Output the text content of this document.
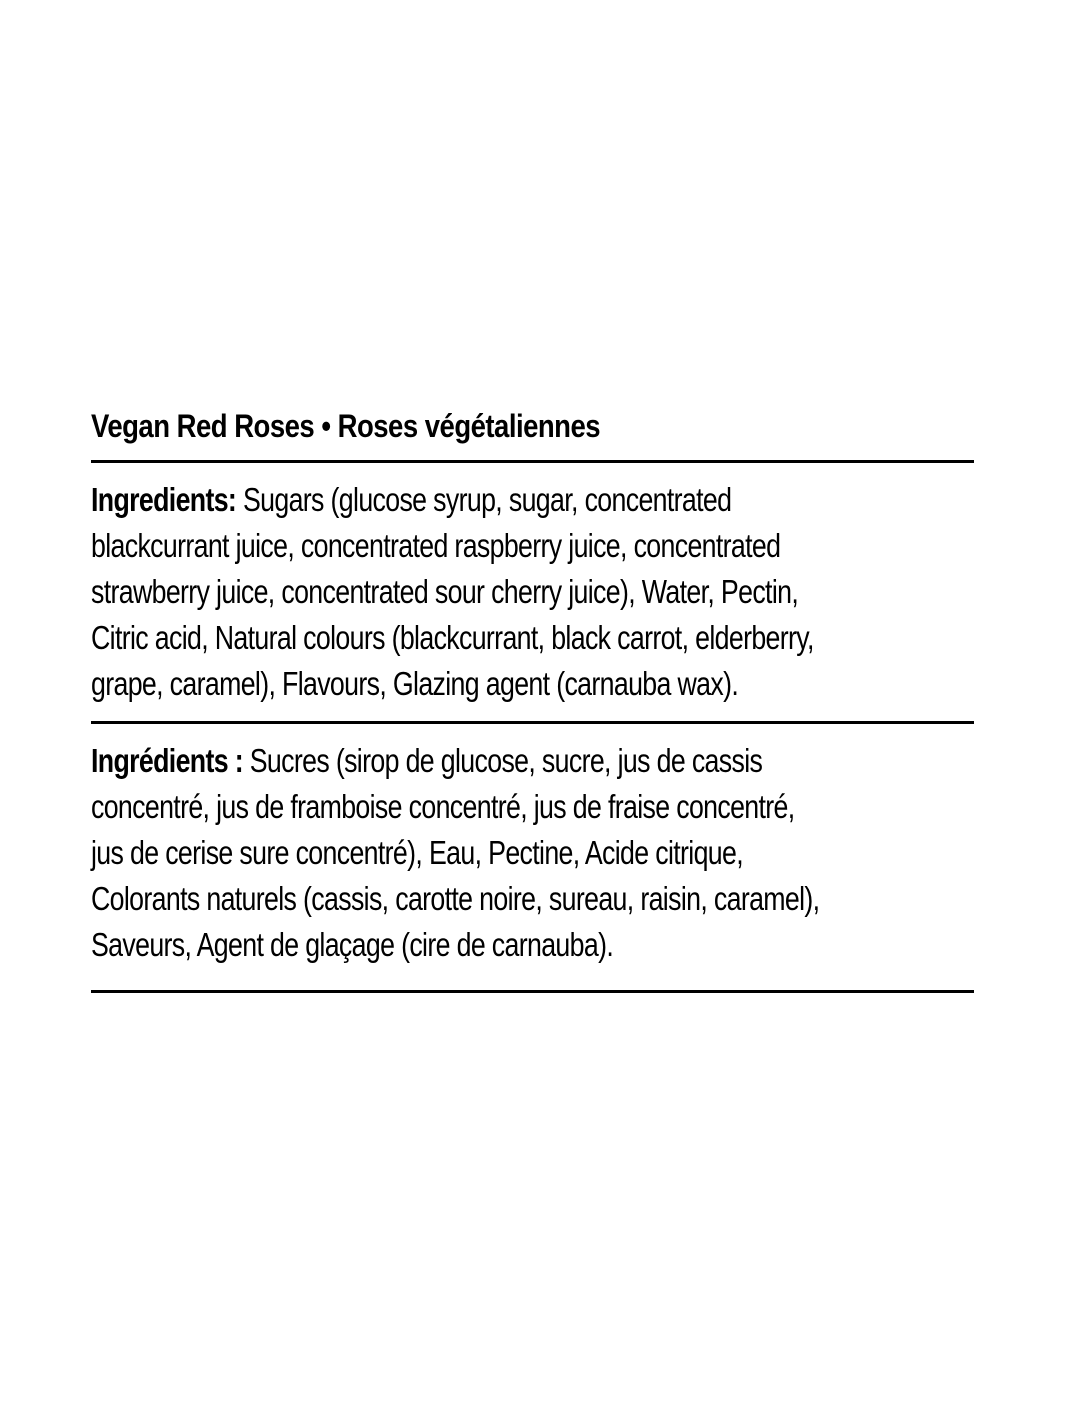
Vegan Red Roses • Roses végétaliennes
Ingredients: Sugars (glucose syrup, sugar, concentrated
blackcurrant juice, concentrated raspberry juice, concentrated
strawberry juice, concentrated sour cherry juice), Water, Pectin,
Citric acid, Natural colours (blackcurrant, black carrot, elderberry,
grape, caramel), Flavours, Glazing agent (carnauba wax).
Ingrédients : Sucres (sirop de glucose, sucre, jus de cassis
concentré, jus de framboise concentré, jus de fraise concentré,
jus de cerise sure concentré), Eau, Pectine, Acide citrique,
Colorants naturels (cassis, carotte noire, sureau, raisin, caramel),
Saveurs, Agent de glaçage (cire de carnauba).
